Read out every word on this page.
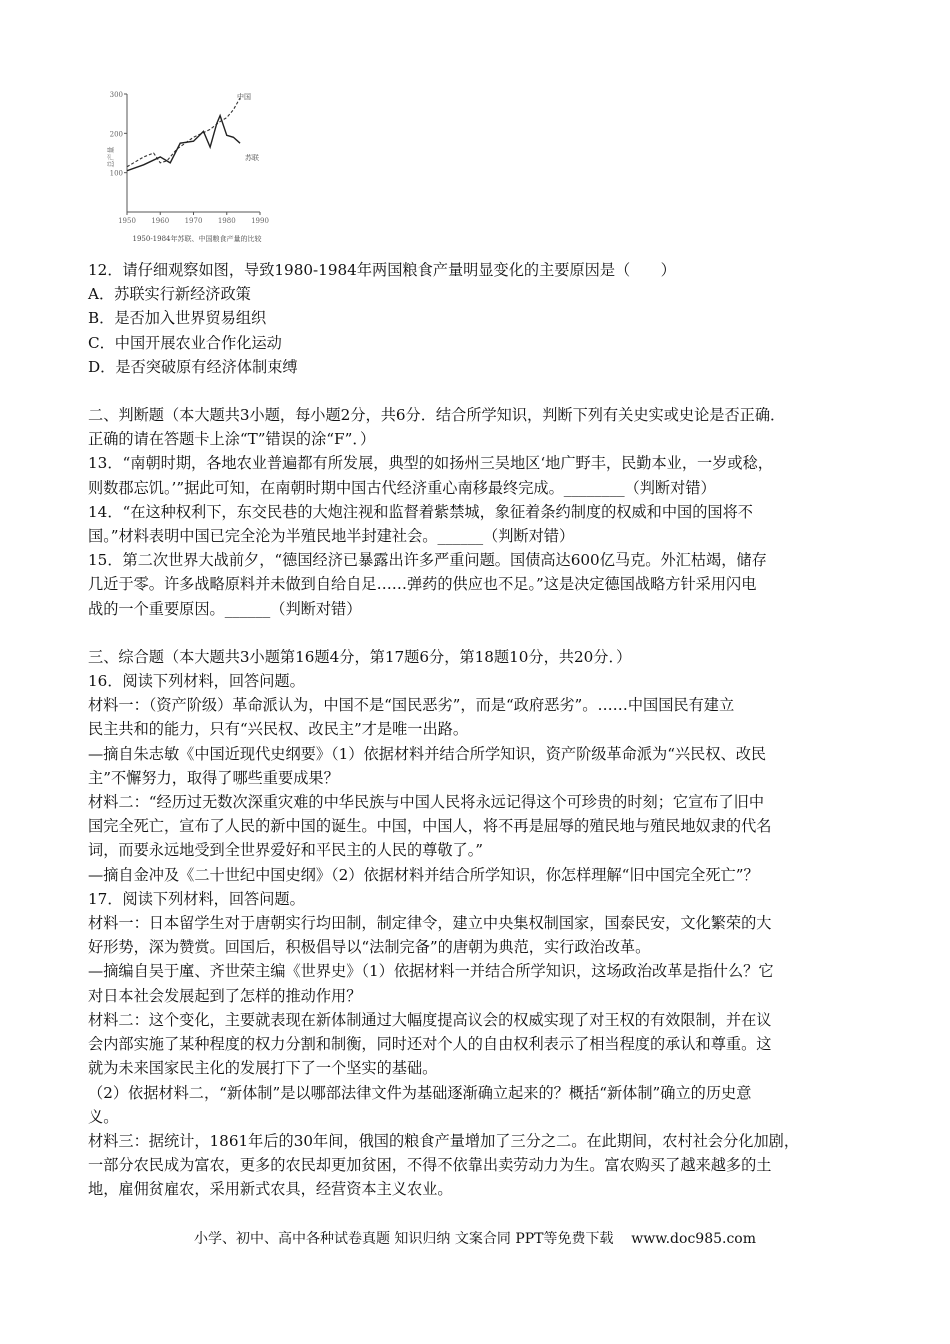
300
200
100
1950 1960 1970 1980 1990
总产量
中国
苏联
1950-1984年苏联、中国粮食产量的比较
12．请仔细观察如图，导致1980-1984年两国粮食产量明显变化的主要原因是（　　）
A．苏联实行新经济政策
B．是否加入世界贸易组织
C．中国开展农业合作化运动
D．是否突破原有经济体制束缚
二、判断题（本大题共3小题，每小题2分，共6分．结合所学知识，判断下列有关史实或史论是否正确．
正确的请在答题卡上涂“T”错误的涂“F”．）
13．“南朝时期，各地农业普遍都有所发展，典型的如扬州三吴地区‘地广野丰，民勤本业，一岁或稔，
则数郡忘饥。’”据此可知，在南朝时期中国古代经济重心南移最终完成。________（判断对错）
14．“在这种权利下，东交民巷的大炮注视和监督着紫禁城，象征着条约制度的权威和中国的国将不
国。”材料表明中国已完全沦为半殖民地半封建社会。______（判断对错）
15．第二次世界大战前夕，“德国经济已暴露出许多严重问题。国债高达600亿马克。外汇枯竭，储存
几近于零。许多战略原料并未做到自给自足……弹药的供应也不足。”这是决定德国战略方针采用闪电
战的一个重要原因。______（判断对错）
三、综合题（本大题共3小题第16题4分，第17题6分，第18题10分，共20分．）
16．阅读下列材料，回答问题。
材料一：（资产阶级）革命派认为，中国不是“国民恶劣”，而是“政府恶劣”。……中国国民有建立
民主共和的能力，只有“兴民权、改民主”才是唯一出路。
—摘自朱志敏《中国近现代史纲要》（1）依据材料并结合所学知识，资产阶级革命派为“兴民权、改民
主”不懈努力，取得了哪些重要成果？
材料二：“经历过无数次深重灾难的中华民族与中国人民将永远记得这个可珍贵的时刻；它宣布了旧中
国完全死亡，宣布了人民的新中国的诞生。中国，中国人，将不再是屈辱的殖民地与殖民地奴隶的代名
词，而要永远地受到全世界爱好和平民主的人民的尊敬了。”
—摘自金冲及《二十世纪中国史纲》（2）依据材料并结合所学知识，你怎样理解“旧中国完全死亡”？
17．阅读下列材料，回答问题。
材料一：日本留学生对于唐朝实行均田制，制定律令，建立中央集权制国家，国泰民安，文化繁荣的大
好形势，深为赞赏。回国后，积极倡导以“法制完备”的唐朝为典范，实行政治改革。
—摘编自吴于廑、齐世荣主编《世界史》（1）依据材料一并结合所学知识，这场政治改革是指什么？它
对日本社会发展起到了怎样的推动作用？
材料二：这个变化，主要就表现在新体制通过大幅度提高议会的权威实现了对王权的有效限制，并在议
会内部实施了某种程度的权力分割和制衡，同时还对个人的自由权利表示了相当程度的承认和尊重。这
就为未来国家民主化的发展打下了一个坚实的基础。
（2）依据材料二，“新体制”是以哪部法律文件为基础逐渐确立起来的？概括“新体制”确立的历史意
义。
材料三：据统计，1861年后的30年间，俄国的粮食产量增加了三分之二。在此期间，农村社会分化加剧，
一部分农民成为富农，更多的农民却更加贫困，不得不依靠出卖劳动力为生。富农购买了越来越多的土
地，雇佣贫雇农，采用新式农具，经营资本主义农业。
小学、初中、高中各种试卷真题 知识归纳 文案合同 PPT等免费下载    www.doc985.com
